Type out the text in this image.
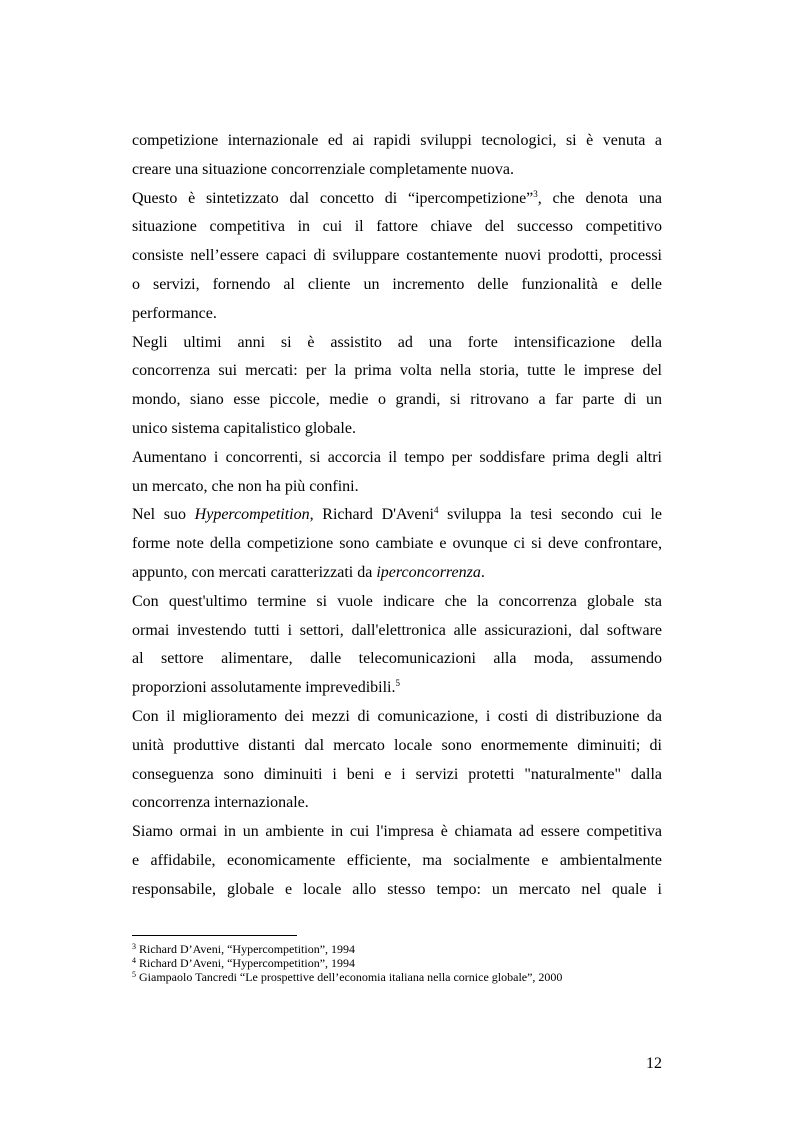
competizione internazionale ed ai rapidi sviluppi tecnologici, si è venuta a
creare una situazione concorrenziale completamente nuova.
Questo è sintetizzato dal concetto di “ipercompetizione”$^3$, che denota una
situazione competitiva in cui il fattore chiave del successo competitivo
consiste nell’essere capaci di sviluppare costantemente nuovi prodotti, processi
o servizi, fornendo al cliente un incremento delle funzionalità e delle
performance.
Negli ultimi anni si è assistito ad una forte intensificazione della
concorrenza sui mercati: per la prima volta nella storia, tutte le imprese del
mondo, siano esse piccole, medie o grandi, si ritrovano a far parte di un
unico sistema capitalistico globale.
Aumentano i concorrenti, si accorcia il tempo per soddisfare prima degli altri
un mercato, che non ha più confini.
Nel suo Hypercompetition, Richard D'Aveni$^4$ sviluppa la tesi secondo cui le
forme note della competizione sono cambiate e ovunque ci si deve confrontare,
appunto, con mercati caratterizzati da iperconcorrenza.
Con quest'ultimo termine si vuole indicare che la concorrenza globale sta
ormai investendo tutti i settori, dall'elettronica alle assicurazioni, dal software
al settore alimentare, dalle telecomunicazioni alla moda, assumendo
proporzioni assolutamente imprevedibili.$^5$
Con il miglioramento dei mezzi di comunicazione, i costi di distribuzione da
unità produttive distanti dal mercato locale sono enormemente diminuiti; di
conseguenza sono diminuiti i beni e i servizi protetti "naturalmente" dalla
concorrenza internazionale.
Siamo ormai in un ambiente in cui l'impresa è chiamata ad essere competitiva
e affidabile, economicamente efficiente, ma socialmente e ambientalmente
responsabile, globale e locale allo stesso tempo: un mercato nel quale i
$^3$ Richard D’Aveni, “Hypercompetition”, 1994
$^4$ Richard D’Aveni, “Hypercompetition”, 1994
$^5$ Giampaolo Tancredi “Le prospettive dell’economia italiana nella cornice globale”, 2000
12
